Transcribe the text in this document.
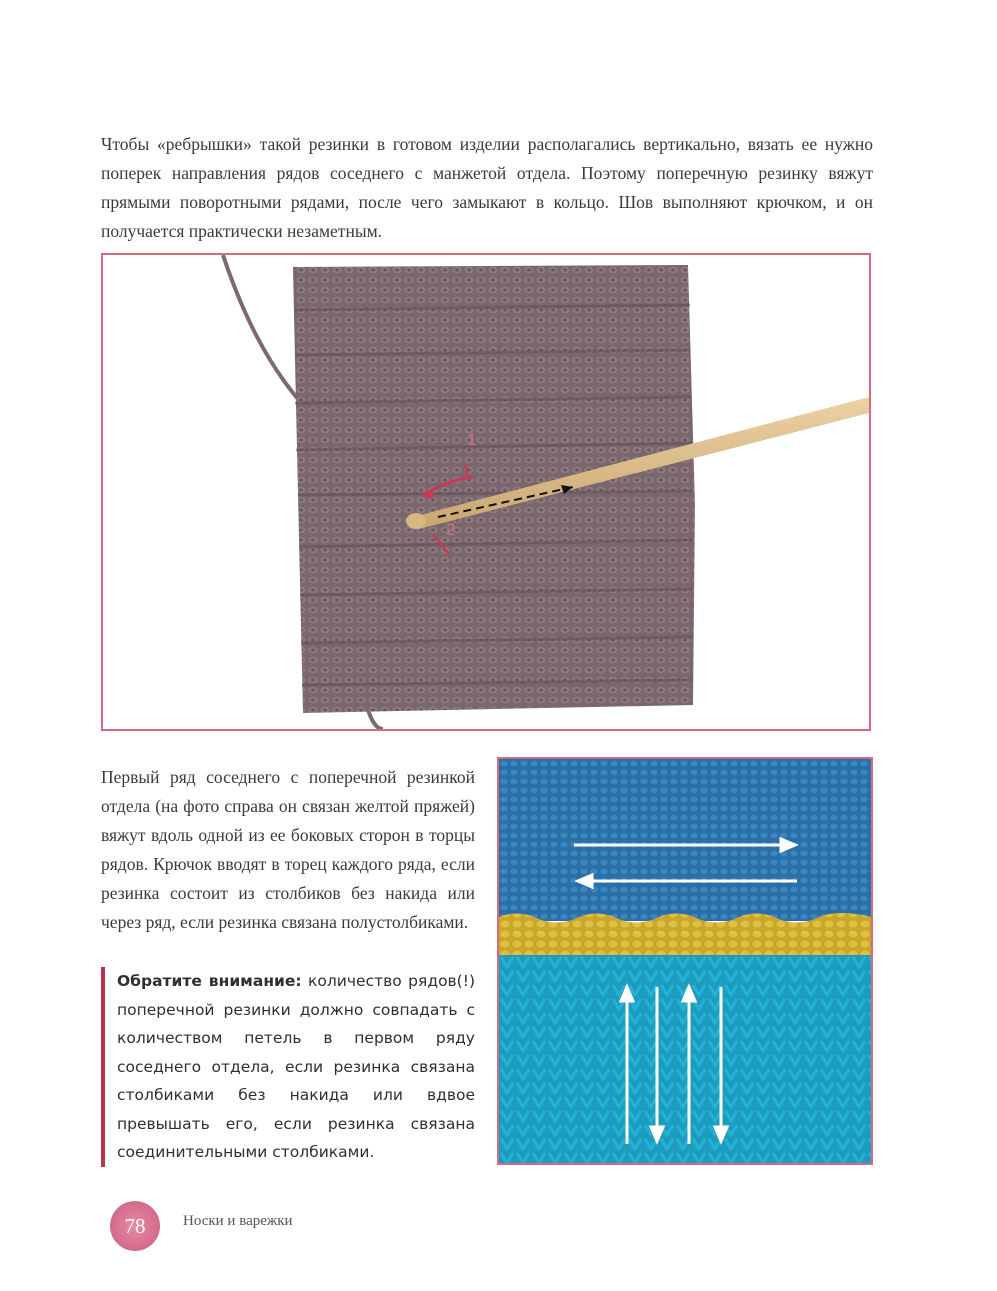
Чтобы «ребрышки» такой резинки в готовом изделии располагались вертикально, вязать ее нужно поперек направления рядов соседнего с манжетой отдела. Поэтому поперечную резинку вяжут прямыми поворотными рядами, после чего замыкают в кольцо. Шов выполняют крючком, и он получается практически незаметным.
1
2
Первый ряд соседнего с поперечной резинкой отдела (на фото справа он связан желтой пряжей) вяжут вдоль одной из ее боковых сторон в торцы рядов. Крючок вводят в торец каждого ряда, если резинка состоит из столбиков без накида или через ряд, если резинка связана полустолбиками.
Обратите внимание: количество рядов(!) поперечной резинки должно совпадать с количеством петель в первом ряду соседнего отдела, если резинка связана столбиками без накида или вдвое превышать его, если резинка связана соединительными столбиками.
78	Носки и варежки
